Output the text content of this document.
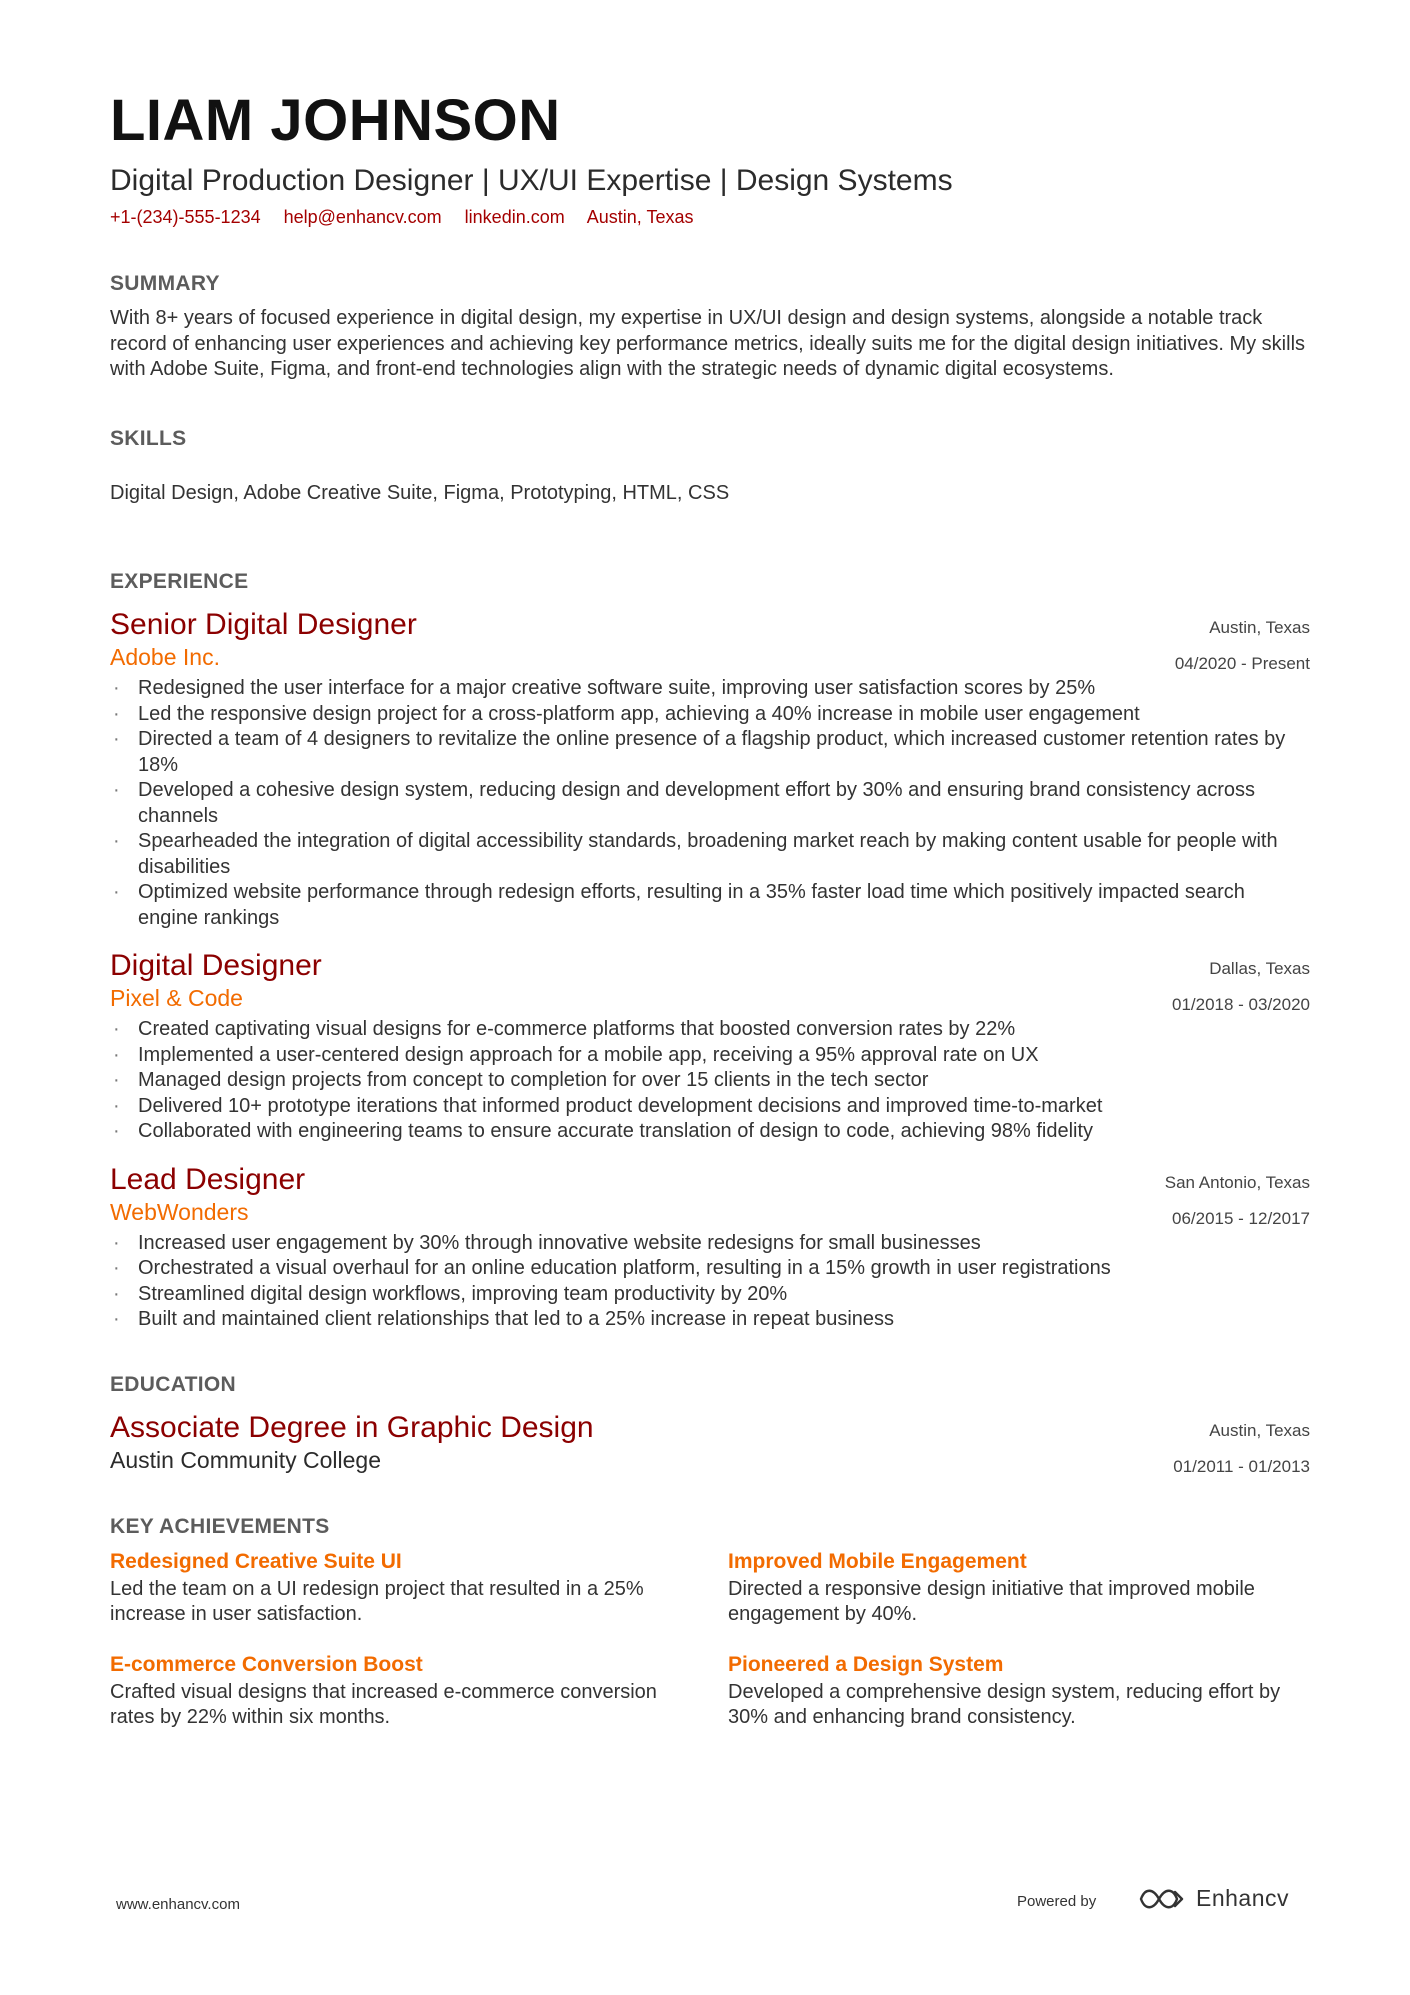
LIAM JOHNSON
Digital Production Designer | UX/UI Expertise | Design Systems
+1-(234)-555-1234 help@enhancv.com linkedin.com Austin, Texas
SUMMARY
With 8+ years of focused experience in digital design, my expertise in UX/UI design and design systems, alongside a notable track record of enhancing user experiences and achieving key performance metrics, ideally suits me for the digital design initiatives. My skills with Adobe Suite, Figma, and front-end technologies align with the strategic needs of dynamic digital ecosystems.
SKILLS
Digital Design, Adobe Creative Suite, Figma, Prototyping, HTML, CSS
EXPERIENCE
Senior Digital Designer
Adobe Inc.
Austin, Texas
04/2020 - Present
· Redesigned the user interface for a major creative software suite, improving user satisfaction scores by 25%
· Led the responsive design project for a cross-platform app, achieving a 40% increase in mobile user engagement
· Directed a team of 4 designers to revitalize the online presence of a flagship product, which increased customer retention rates by 18%
· Developed a cohesive design system, reducing design and development effort by 30% and ensuring brand consistency across channels
· Spearheaded the integration of digital accessibility standards, broadening market reach by making content usable for people with disabilities
· Optimized website performance through redesign efforts, resulting in a 35% faster load time which positively impacted search engine rankings
Digital Designer
Pixel & Code
Dallas, Texas
01/2018 - 03/2020
· Created captivating visual designs for e-commerce platforms that boosted conversion rates by 22%
· Implemented a user-centered design approach for a mobile app, receiving a 95% approval rate on UX
· Managed design projects from concept to completion for over 15 clients in the tech sector
· Delivered 10+ prototype iterations that informed product development decisions and improved time-to-market
· Collaborated with engineering teams to ensure accurate translation of design to code, achieving 98% fidelity
Lead Designer
WebWonders
San Antonio, Texas
06/2015 - 12/2017
· Increased user engagement by 30% through innovative website redesigns for small businesses
· Orchestrated a visual overhaul for an online education platform, resulting in a 15% growth in user registrations
· Streamlined digital design workflows, improving team productivity by 20%
· Built and maintained client relationships that led to a 25% increase in repeat business
EDUCATION
Associate Degree in Graphic Design
Austin Community College
Austin, Texas
01/2011 - 01/2013
KEY ACHIEVEMENTS
Redesigned Creative Suite UI
Led the team on a UI redesign project that resulted in a 25% increase in user satisfaction.
Improved Mobile Engagement
Directed a responsive design initiative that improved mobile engagement by 40%.
E-commerce Conversion Boost
Crafted visual designs that increased e-commerce conversion rates by 22% within six months.
Pioneered a Design System
Developed a comprehensive design system, reducing effort by 30% and enhancing brand consistency.
www.enhancv.com	Powered by	Enhancv
